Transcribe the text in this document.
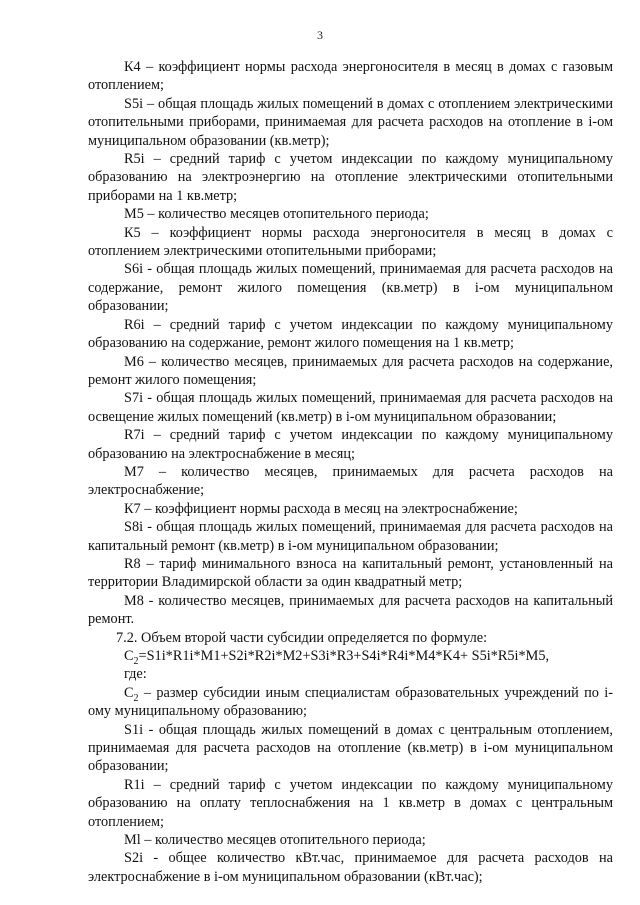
3

К4 – коэффициент нормы расхода энергоносителя в месяц в домах с газовым отоплением;

S5i – общая площадь жилых помещений в домах с отоплением электрическими отопительными приборами, принимаемая для расчета расходов на отопление в i-ом муниципальном образовании (кв.метр);

R5i – средний тариф с учетом индексации по каждому муниципальному образованию на электроэнергию на отопление электрическими отопительными приборами на 1 кв.метр;

М5 – количество месяцев отопительного периода;

К5 – коэффициент нормы расхода энергоносителя в месяц в домах с отоплением электрическими отопительными приборами;

S6i - общая площадь жилых помещений, принимаемая для расчета расходов на содержание, ремонт жилого помещения (кв.метр) в i-ом муниципальном образовании;

R6i – средний тариф с учетом индексации по каждому муниципальному образованию на содержание, ремонт жилого помещения на 1 кв.метр;

М6 – количество месяцев, принимаемых для расчета расходов на содержание, ремонт жилого помещения;

S7i - общая площадь жилых помещений, принимаемая для расчета расходов на освещение жилых помещений (кв.метр) в i-ом муниципальном образовании;

R7i – средний тариф с учетом индексации по каждому муниципальному образованию на электроснабжение в месяц;

М7 – количество месяцев, принимаемых для расчета расходов на электроснабжение;

К7 – коэффициент нормы расхода в месяц на электроснабжение;

S8i - общая площадь жилых помещений, принимаемая для расчета расходов на капитальный ремонт (кв.метр) в i-ом муниципальном образовании;

R8 – тариф минимального взноса на капитальный ремонт, установленный на территории Владимирской области за один квадратный метр;

М8 - количество месяцев, принимаемых для расчета расходов на капитальный ремонт.

7.2. Объем второй части субсидии определяется по формуле:

$C_2=S1i*R1i*M1+S2i*R2i*M2+S3i*R3+S4i*R4i*M4*K4+ S5i*R5i*M5$,

где:

$C_2$ – размер субсидии иным специалистам образовательных учреждений по i-ому муниципальному образованию;

S1i - общая площадь жилых помещений в домах с центральным отоплением, принимаемая для расчета расходов на отопление (кв.метр) в i-ом муниципальном образовании;

R1i – средний тариф с учетом индексации по каждому муниципальному образованию на оплату теплоснабжения на 1 кв.метр в домах с центральным отоплением;

Ml – количество месяцев отопительного периода;

S2i - общее количество кВт.час, принимаемое для расчета расходов на электроснабжение в i-ом муниципальном образовании (кВт.час);
